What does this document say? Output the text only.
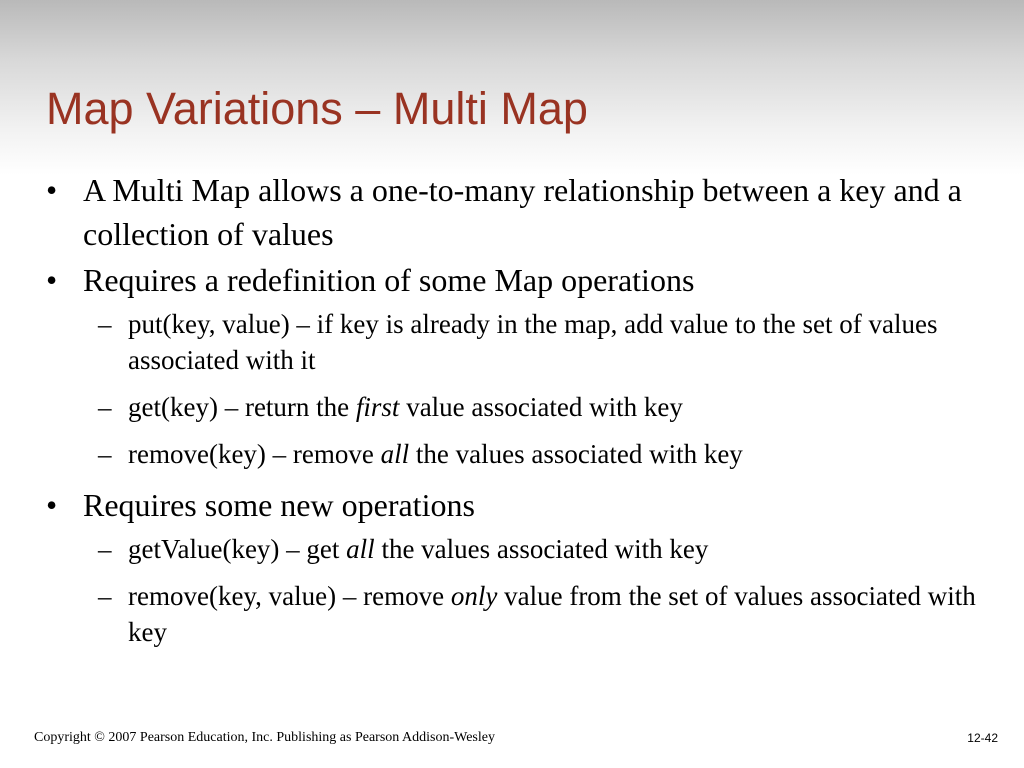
Map Variations – Multi Map
• A Multi Map allows a one-to-many relationship between a key and a collection of values
• Requires a redefinition of some Map operations
– put(key, value) – if key is already in the map, add value to the set of values associated with it
– get(key) – return the first value associated with key
– remove(key) – remove all the values associated with key
• Requires some new operations
– getValue(key) – get all the values associated with key
– remove(key, value) – remove only value from the set of values associated with key
Copyright © 2007 Pearson Education, Inc. Publishing as Pearson Addison-Wesley	12-42
